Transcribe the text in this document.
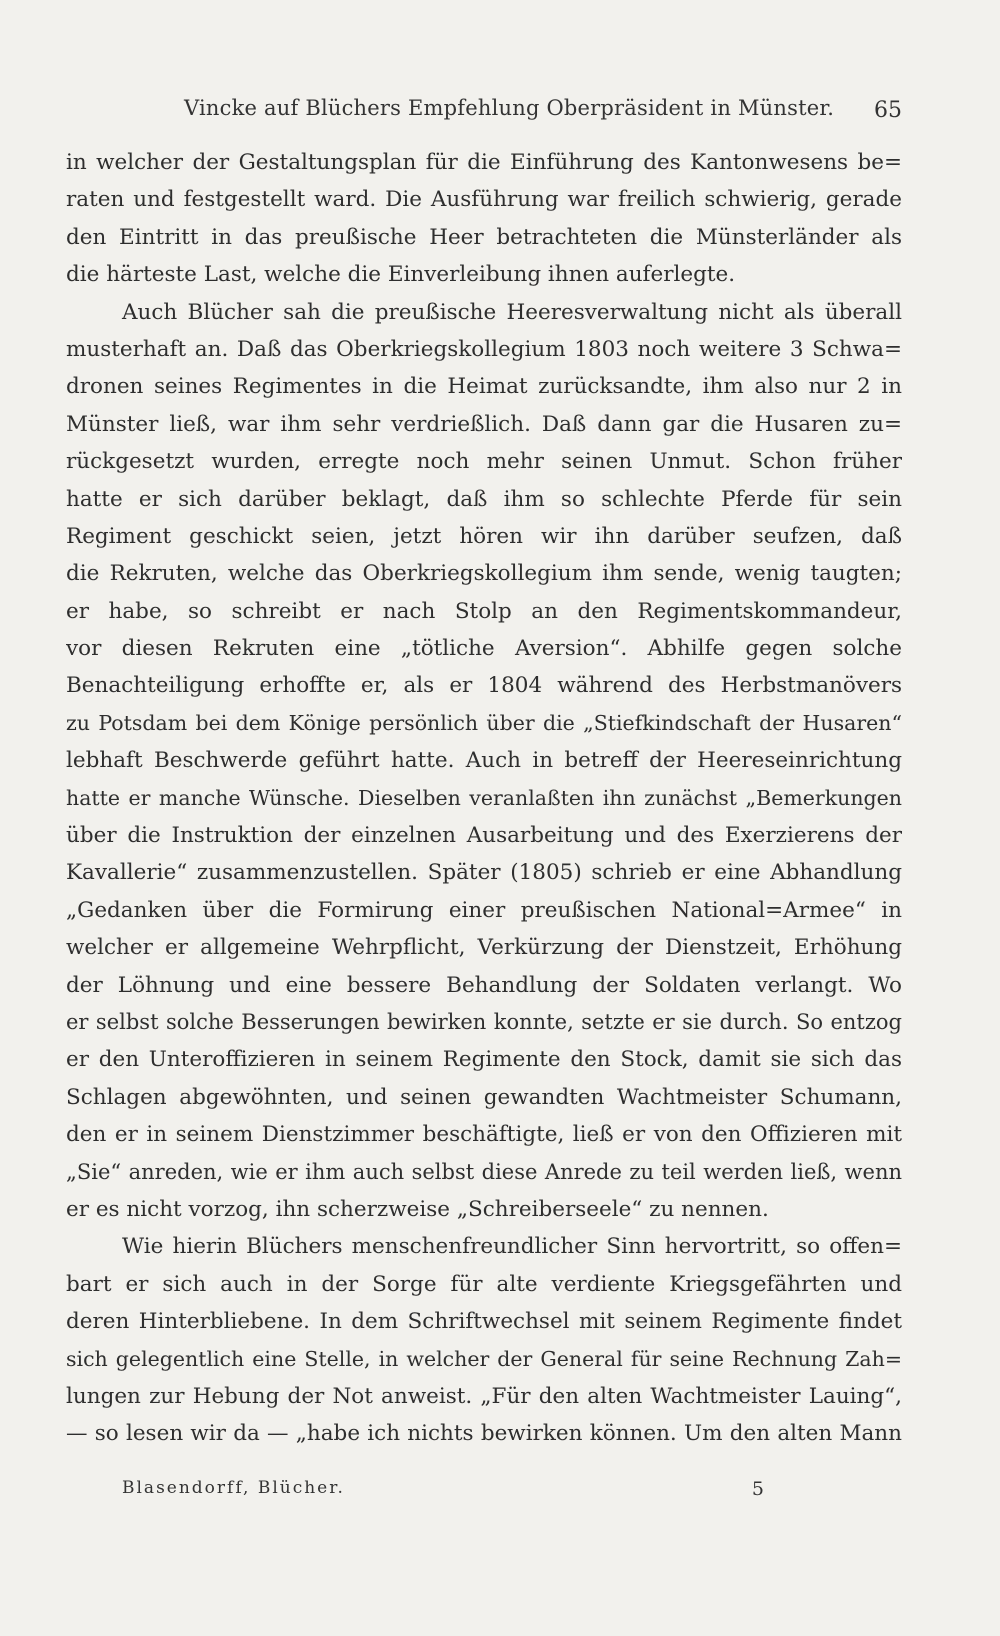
Vincke auf Blüchers Empfehlung Oberpräsident in Münster. 65
in welcher der Gestaltungsplan für die Einführung des Kantonwesens be=
raten und festgestellt ward. Die Ausführung war freilich schwierig, gerade
den Eintritt in das preußische Heer betrachteten die Münsterländer als
die härteste Last, welche die Einverleibung ihnen auferlegte.
Auch Blücher sah die preußische Heeresverwaltung nicht als überall
musterhaft an. Daß das Oberkriegskollegium 1803 noch weitere 3 Schwa=
dronen seines Regimentes in die Heimat zurücksandte, ihm also nur 2 in
Münster ließ, war ihm sehr verdrießlich. Daß dann gar die Husaren zu=
rückgesetzt wurden, erregte noch mehr seinen Unmut. Schon früher
hatte er sich darüber beklagt, daß ihm so schlechte Pferde für sein
Regiment geschickt seien, jetzt hören wir ihn darüber seufzen, daß
die Rekruten, welche das Oberkriegskollegium ihm sende, wenig taugten;
er habe, so schreibt er nach Stolp an den Regimentskommandeur,
vor diesen Rekruten eine „tötliche Aversion“. Abhilfe gegen solche
Benachteiligung erhoffte er, als er 1804 während des Herbstmanövers
zu Potsdam bei dem Könige persönlich über die „Stiefkindschaft der Husaren“
lebhaft Beschwerde geführt hatte. Auch in betreff der Heereseinrichtung
hatte er manche Wünsche. Dieselben veranlaßten ihn zunächst „Bemerkungen
über die Instruktion der einzelnen Ausarbeitung und des Exerzierens der
Kavallerie“ zusammenzustellen. Später (1805) schrieb er eine Abhandlung
„Gedanken über die Formirung einer preußischen National=Armee“ in
welcher er allgemeine Wehrpflicht, Verkürzung der Dienstzeit, Erhöhung
der Löhnung und eine bessere Behandlung der Soldaten verlangt. Wo
er selbst solche Besserungen bewirken konnte, setzte er sie durch. So entzog
er den Unteroffizieren in seinem Regimente den Stock, damit sie sich das
Schlagen abgewöhnten, und seinen gewandten Wachtmeister Schumann,
den er in seinem Dienstzimmer beschäftigte, ließ er von den Offizieren mit
„Sie“ anreden, wie er ihm auch selbst diese Anrede zu teil werden ließ, wenn
er es nicht vorzog, ihn scherzweise „Schreiberseele“ zu nennen.
Wie hierin Blüchers menschenfreundlicher Sinn hervortritt, so offen=
bart er sich auch in der Sorge für alte verdiente Kriegsgefährten und
deren Hinterbliebene. In dem Schriftwechsel mit seinem Regimente findet
sich gelegentlich eine Stelle, in welcher der General für seine Rechnung Zah=
lungen zur Hebung der Not anweist. „Für den alten Wachtmeister Lauing“,
— so lesen wir da — „habe ich nichts bewirken können. Um den alten Mann
Blasendorff, Blücher.	5
